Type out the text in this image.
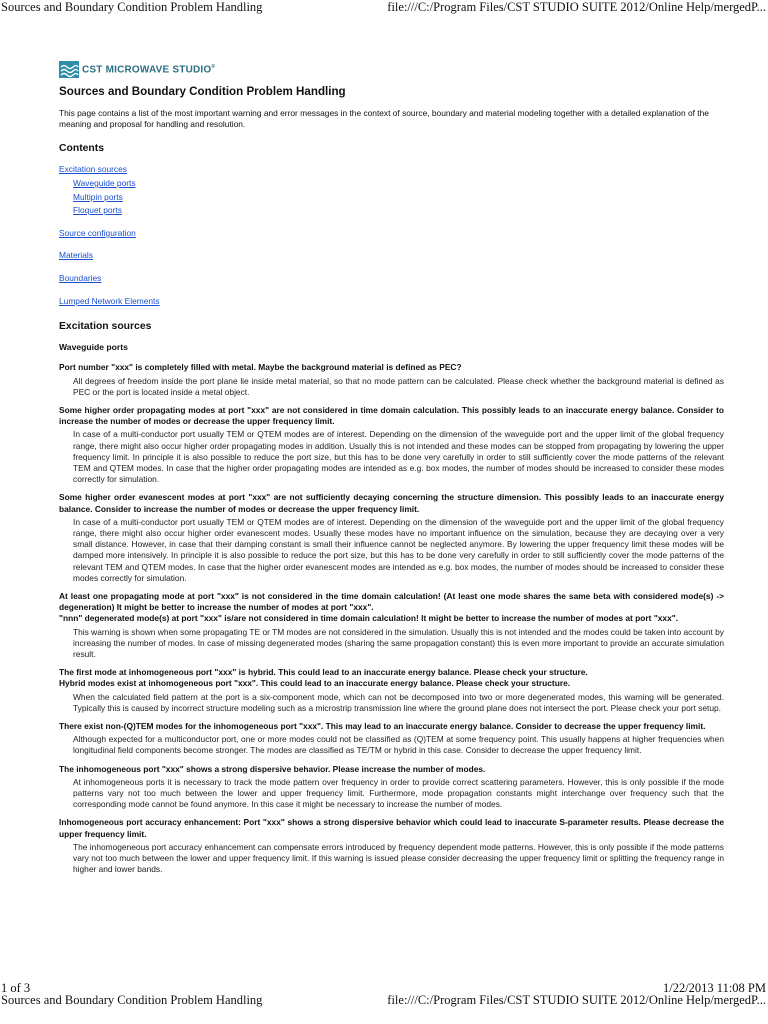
Sources and Boundary Condition Problem Handling	file:///C:/Program Files/CST STUDIO SUITE 2012/Online Help/mergedP...
CST MICROWAVE STUDIO®
Sources and Boundary Condition Problem Handling

This page contains a list of the most important warning and error messages in the context of source, boundary and material modeling together with a detailed explanation of the meaning and proposal for handling and resolution.

Contents
Excitation sources
Waveguide ports
Multipin ports
Floquet ports
Source configuration
Materials
Boundaries
Lumped Network Elements
Excitation sources
Waveguide ports

Port number "xxx" is completely filled with metal. Maybe the background material is defined as PEC?

All degrees of freedom inside the port plane lie inside metal material, so that no mode pattern can be calculated. Please check whether the background material is defined as PEC or the port is located inside a metal object.

Some higher order propagating modes at port "xxx" are not considered in time domain calculation. This possibly leads to an inaccurate energy balance. Consider to increase the number of modes or decrease the upper frequency limit.

In case of a multi-conductor port usually TEM or QTEM modes are of interest. Depending on the dimension of the waveguide port and the upper limit of the global frequency range, there might also occur higher order propagating modes in addition. Usually this is not intended and these modes can be stopped from propagating by lowering the upper frequency limit. In principle it is also possible to reduce the port size, but this has to be done very carefully in order to still sufficiently cover the mode patterns of the relevant TEM and QTEM modes. In case that the higher order propagating modes are intended as e.g. box modes, the number of modes should be increased to consider these modes correctly for simulation.

Some higher order evanescent modes at port "xxx" are not sufficiently decaying concerning the structure dimension. This possibly leads to an inaccurate energy balance. Consider to increase the number of modes or decrease the upper frequency limit.

In case of a multi-conductor port usually TEM or QTEM modes are of interest. Depending on the dimension of the waveguide port and the upper limit of the global frequency range, there might also occur higher order evanescent modes. Usually these modes have no important influence on the simulation, because they are decaying over a very small distance. However, in case that their damping constant is small their influence cannot be neglected anymore. By lowering the upper frequency limit these modes will be damped more intensively. In principle it is also possible to reduce the port size, but this has to be done very carefully in order to still sufficiently cover the mode patterns of the relevant TEM and QTEM modes. In case that the higher order evanescent modes are intended as e.g. box modes, the number of modes should be increased to consider these modes correctly for simulation.

At least one propagating mode at port "xxx" is not considered in the time domain calculation! (At least one mode shares the same beta with considered mode(s) -> degeneration) It might be better to increase the number of modes at port "xxx".

"nnn" degenerated mode(s) at port "xxx" is/are not considered in time domain calculation! It might be better to increase the number of modes at port "xxx".

This warning is shown when some propagating TE or TM modes are not considered in the simulation. Usually this is not intended and the modes could be taken into account by increasing the number of modes. In case of missing degenerated modes (sharing the same propagation constant) this is even more important to provide an accurate simulation result.

The first mode at inhomogeneous port "xxx" is hybrid. This could lead to an inaccurate energy balance. Please check your structure.

Hybrid modes exist at inhomogeneous port "xxx". This could lead to an inaccurate energy balance. Please check your structure.

When the calculated field pattern at the port is a six-component mode, which can not be decomposed into two or more degenerated modes, this warning will be generated. Typically this is caused by incorrect structure modeling such as a microstrip transmission line where the ground plane does not intersect the port. Please check your port setup.

There exist non-(Q)TEM modes for the inhomogeneous port "xxx". This may lead to an inaccurate energy balance. Consider to decrease the upper frequency limit.

Although expected for a multiconductor port, one or more modes could not be classified as (Q)TEM at some frequency point. This usually happens at higher frequencies when longitudinal field components become stronger. The modes are classified as TE/TM or hybrid in this case. Consider to decrease the upper frequency limit.

The inhomogeneous port "xxx" shows a strong dispersive behavior. Please increase the number of modes.

At inhomogeneous ports it is necessary to track the mode pattern over frequency in order to provide correct scattering parameters. However, this is only possible if the mode patterns vary not too much between the lower and upper frequency limit. Furthermore, mode propagation constants might interchange over frequency such that the corresponding mode cannot be found anymore. In this case it might be necessary to increase the number of modes.

Inhomogeneous port accuracy enhancement: Port "xxx" shows a strong dispersive behavior which could lead to inaccurate S-parameter results. Please decrease the upper frequency limit.

The inhomogeneous port accuracy enhancement can compensate errors introduced by frequency dependent mode patterns. However, this is only possible if the mode patterns vary not too much between the lower and upper frequency limit. If this warning is issued please consider decreasing the upper frequency limit or splitting the frequency range in higher and lower bands.

1 of 3	1/22/2013 11:08 PM
Sources and Boundary Condition Problem Handling	file:///C:/Program Files/CST STUDIO SUITE 2012/Online Help/mergedP...
